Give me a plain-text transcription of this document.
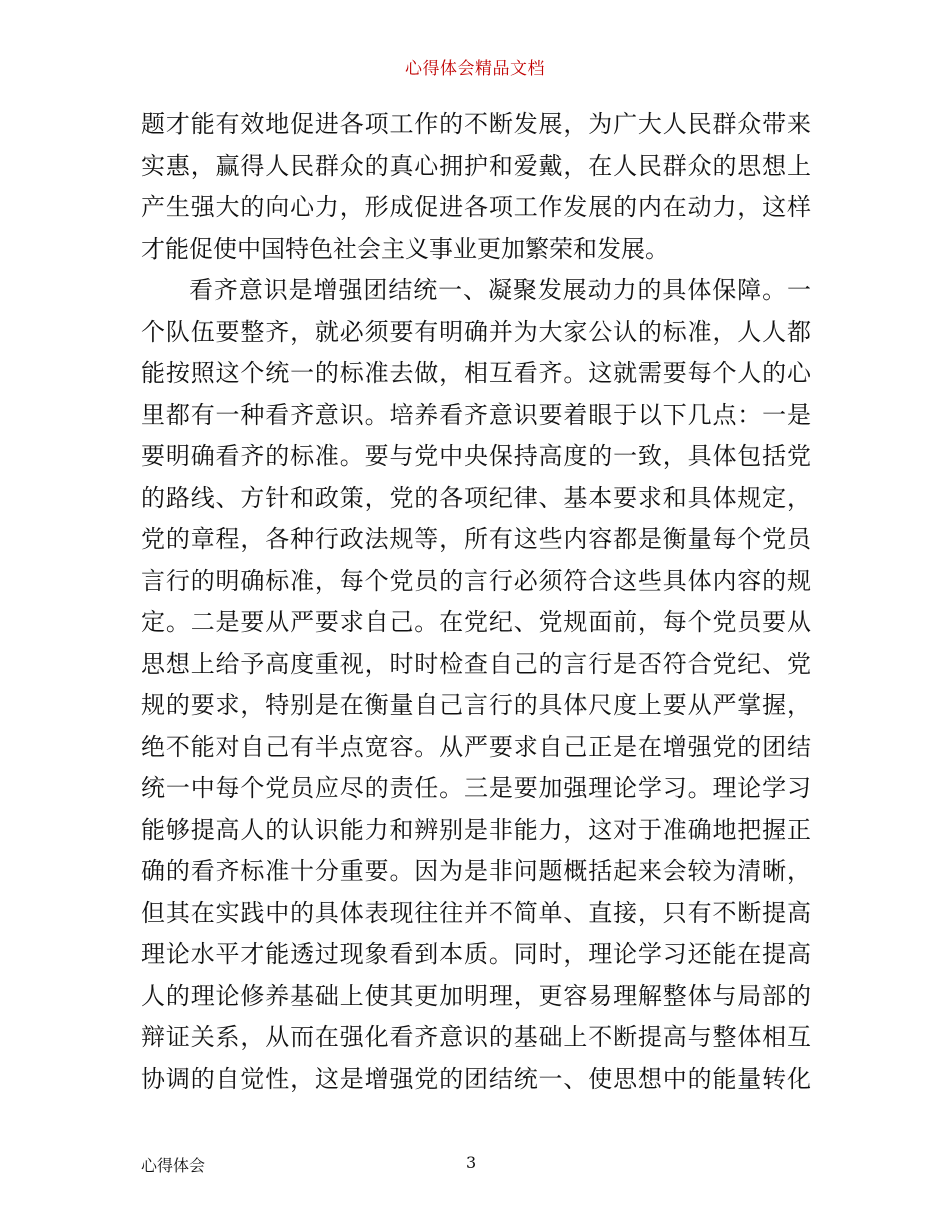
心得体会精品文档
题才能有效地促进各项工作的不断发展，为广大人民群众带来
实惠，赢得人民群众的真心拥护和爱戴，在人民群众的思想上
产生强大的向心力，形成促进各项工作发展的内在动力，这样
才能促使中国特色社会主义事业更加繁荣和发展。
看齐意识是增强团结统一、凝聚发展动力的具体保障。一
个队伍要整齐，就必须要有明确并为大家公认的标准，人人都
能按照这个统一的标准去做，相互看齐。这就需要每个人的心
里都有一种看齐意识。培养看齐意识要着眼于以下几点：一是
要明确看齐的标准。要与党中央保持高度的一致，具体包括党
的路线、方针和政策，党的各项纪律、基本要求和具体规定，
党的章程，各种行政法规等，所有这些内容都是衡量每个党员
言行的明确标准，每个党员的言行必须符合这些具体内容的规
定。二是要从严要求自己。在党纪、党规面前，每个党员要从
思想上给予高度重视，时时检查自己的言行是否符合党纪、党
规的要求，特别是在衡量自己言行的具体尺度上要从严掌握，
绝不能对自己有半点宽容。从严要求自己正是在增强党的团结
统一中每个党员应尽的责任。三是要加强理论学习。理论学习
能够提高人的认识能力和辨别是非能力，这对于准确地把握正
确的看齐标准十分重要。因为是非问题概括起来会较为清晰，
但其在实践中的具体表现往往并不简单、直接，只有不断提高
理论水平才能透过现象看到本质。同时，理论学习还能在提高
人的理论修养基础上使其更加明理，更容易理解整体与局部的
辩证关系，从而在强化看齐意识的基础上不断提高与整体相互
协调的自觉性，这是增强党的团结统一、使思想中的能量转化
心得体会	3
